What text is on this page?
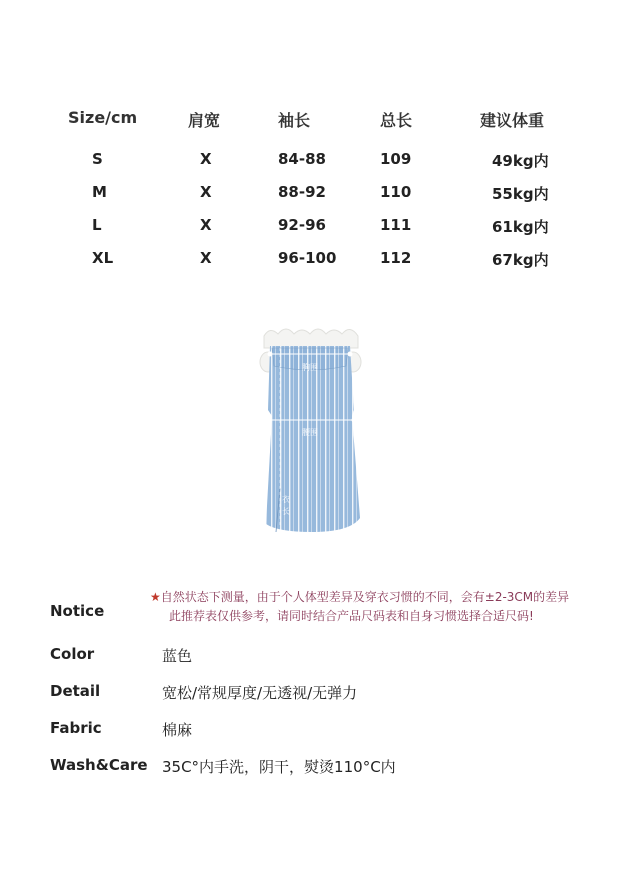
Size/cm	肩宽	袖长	总长	建议体重
S	X	84-88	109	49kg内
M	X	88-92	110	55kg内
L	X	92-96	111	61kg内
XL	X	96-100	112	67kg内
胸围
腰围
衣
长
Notice
★自然状态下测量，由于个人体型差异及穿衣习惯的不同，会有±2-3CM的差异
此推荐表仅供参考，请同时结合产品尺码表和自身习惯选择合适尺码!
Color	蓝色
Detail	宽松/常规厚度/无透视/无弹力
Fabric	棉麻
Wash&Care 35C°内手洗，阴干，熨烫110°C内
